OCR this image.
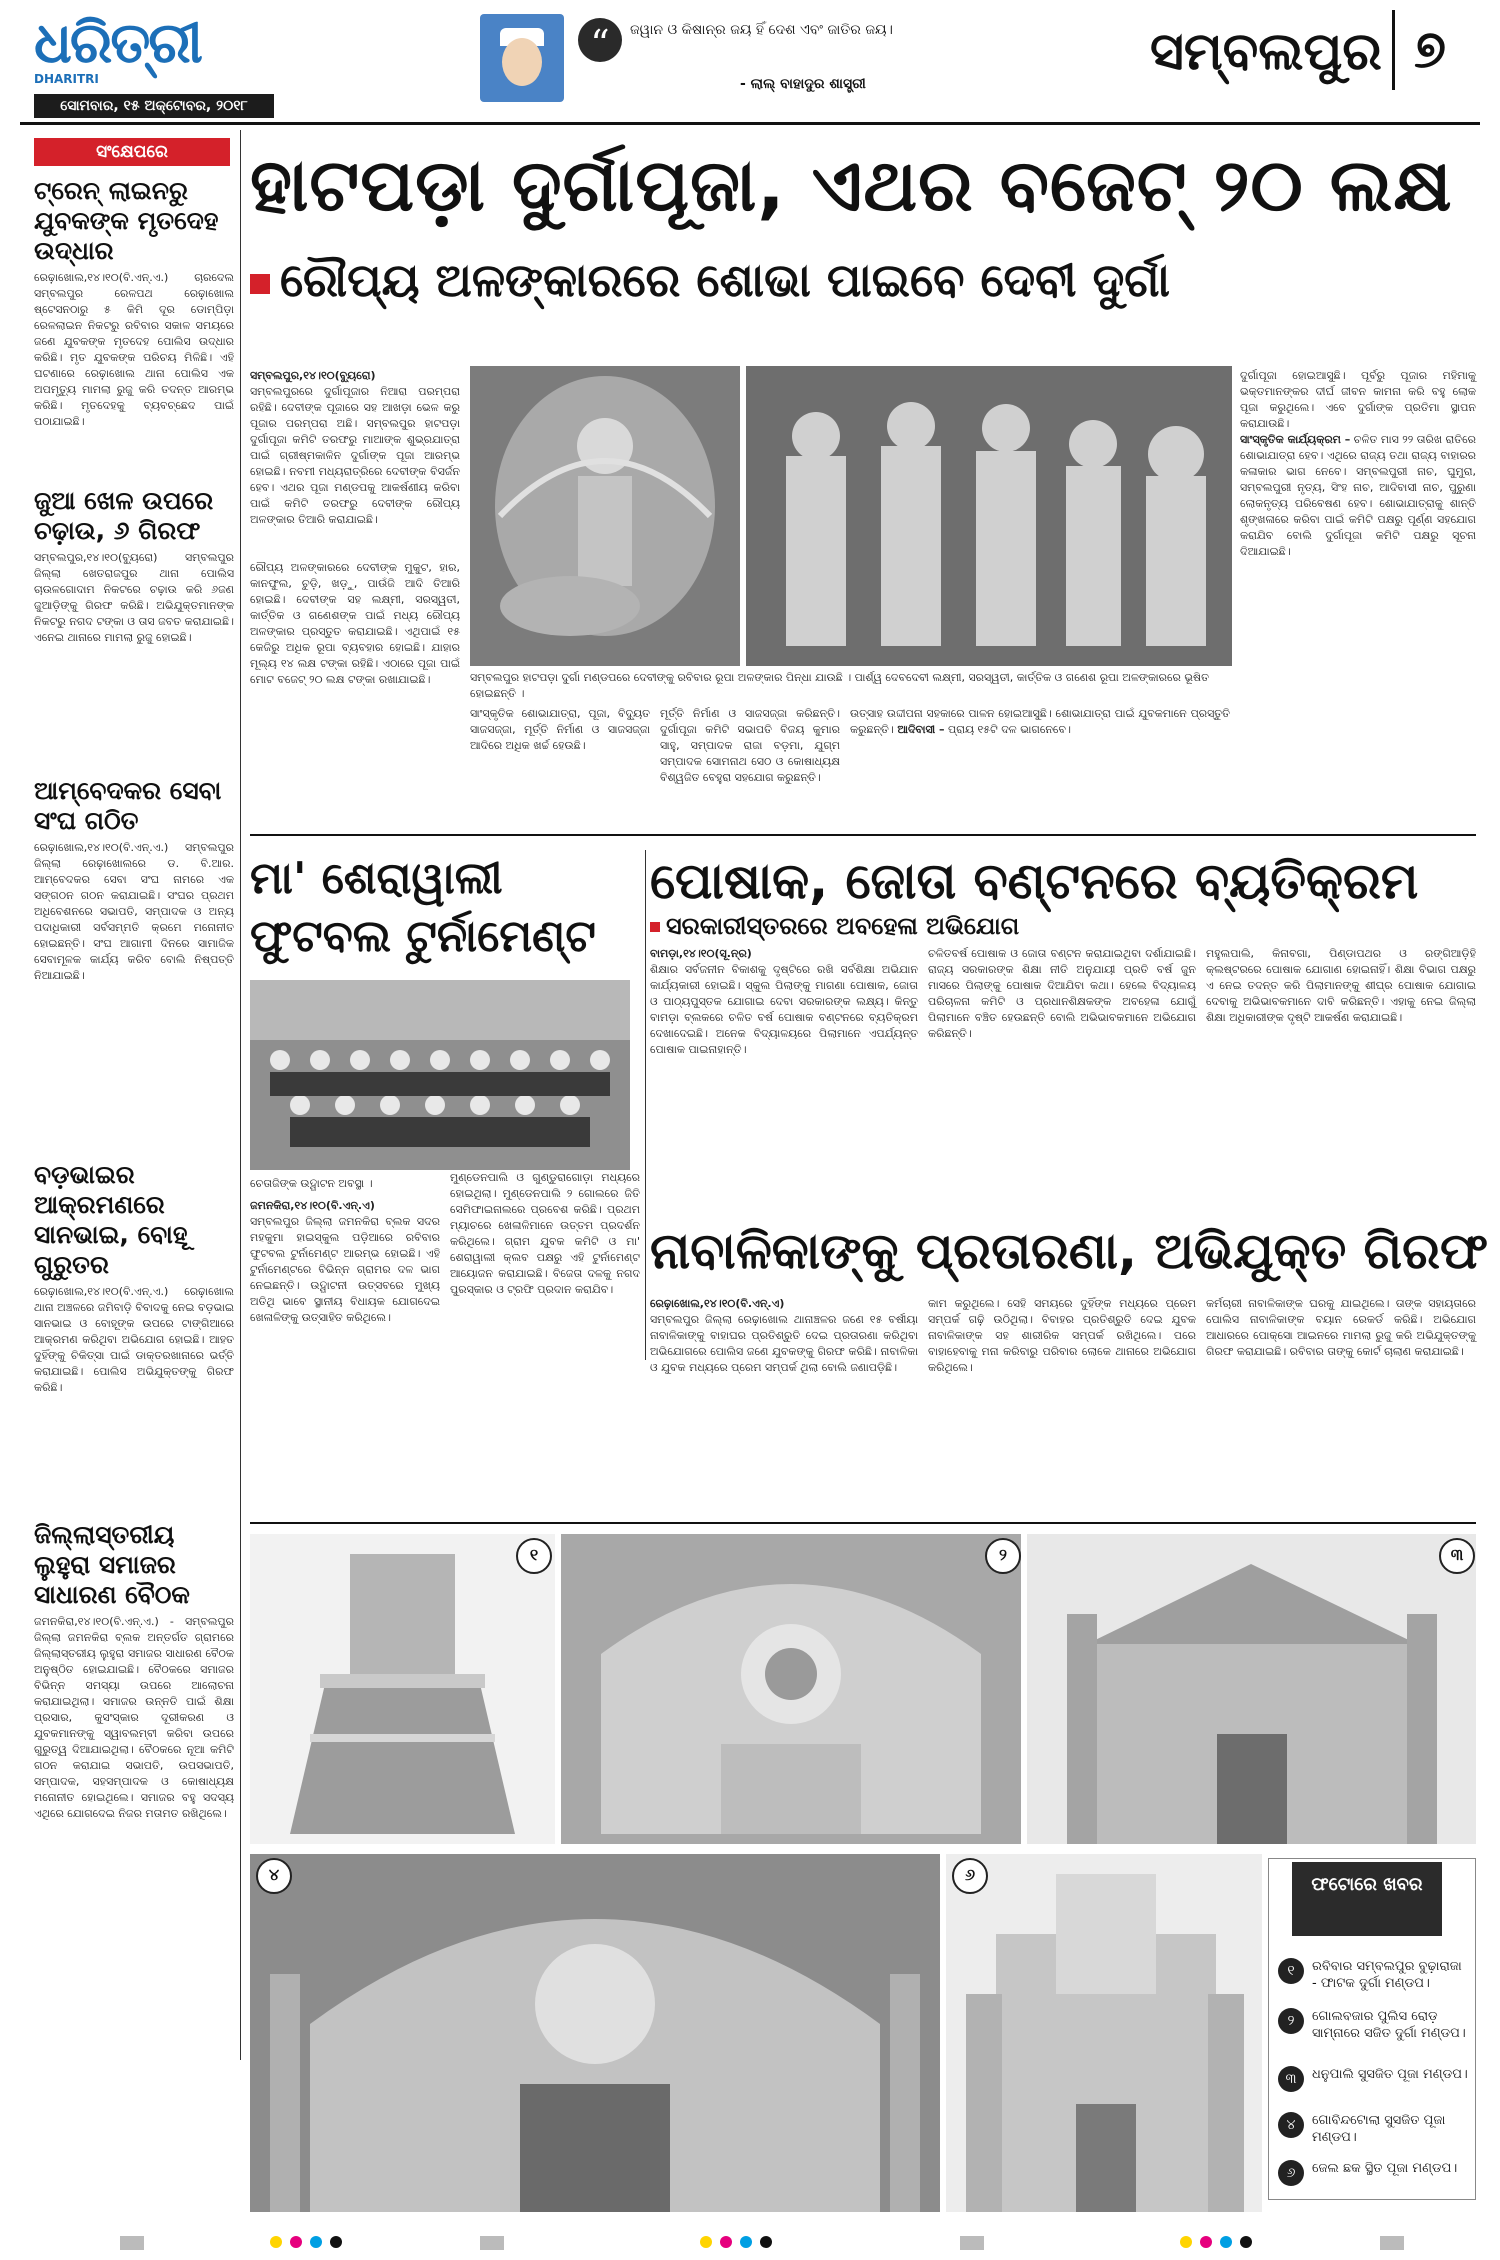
ଧରିତ୍ରୀ
DHARITRI
ସୋମବାର, ୧୫ ଅକ୍ଟୋବର, ୨୦୧୮
“	ଜୱାନ ଓ କିଷାନ୍‌ର ଜୟ ହିଁ ଦେଶ ଏବଂ ଜାତିର ଜୟ।
- ଲାଲ୍ ବାହାଦୁର ଶାସ୍ତ୍ରୀ
ସମ୍ବଲପୁର ୭
ସଂକ୍ଷେପରେ
ଟ୍ରେନ୍ ଲାଇନରୁ ଯୁବକଙ୍କ ମୃତଦେହ ଉଦ୍ଧାର
ରେଢ଼ାଖୋଲ,୧୪।୧୦(ବି.ଏନ୍.ଏ.) ଚାରଦେଲ ସମ୍ବଲପୁର ରେଳପଥ ରେଢ଼ାଖୋଲ ଷ୍ଟେସନଠାରୁ ୫ କିମି ଦୂର ଡୋମ୍ପିଡ଼ା ରେଳଲାଇନ ନିକଟରୁ ରବିବାର ସକାଳ ସମୟରେ ଜଣେ ଯୁବକଙ୍କ ମୃତଦେହ ପୋଲିସ ଉଦ୍ଧାର କରିଛି। ମୃତ ଯୁବକଙ୍କ ପରିଚୟ ମିଳିଛି। ଏହି ଘଟଣାରେ ରେଢ଼ାଖୋଲ ଥାନା ପୋଲିସ ଏକ ଅପମୃତ୍ୟୁ ମାମଲା ରୁଜୁ କରି ତଦନ୍ତ ଆରମ୍ଭ କରିଛି। ମୃତଦେହକୁ ବ୍ୟବଚ୍ଛେଦ ପାଇଁ ପଠାଯାଇଛି।
ଜୁଆ ଖେଳ ଉପରେ ଚଢ଼ାଉ, ୬ ଗିରଫ
ସମ୍ବଲପୁର,୧୪।୧୦(ବ୍ୟୁରୋ) ସମ୍ବଲପୁର ଜିଲ୍ଲା ଖେତରାଜପୁର ଥାନା ପୋଲିସ ଚାଉଳଗୋଦାମ ନିକଟରେ ଚଢ଼ାଉ କରି ୬ଜଣ ଜୁଆଡ଼ିଙ୍କୁ ଗିରଫ କରିଛି। ଅଭିଯୁକ୍ତମାନଙ୍କ ନିକଟରୁ ନଗଦ ଟଙ୍କା ଓ ତାସ ଜବତ କରାଯାଇଛି। ଏନେଇ ଥାନାରେ ମାମଲା ରୁଜୁ ହୋଇଛି।
ଆମ୍ବେଦକର ସେବା ସଂଘ ଗଠିତ
ରେଢ଼ାଖୋଲ,୧୪।୧୦(ବି.ଏନ୍.ଏ.) ସମ୍ବଲପୁର ଜିଲ୍ଲା ରେଢ଼ାଖୋଲରେ ଡ. ବି.ଆର. ଆମ୍ବେଦକର ସେବା ସଂଘ ନାମରେ ଏକ ସଙ୍ଗଠନ ଗଠନ କରାଯାଇଛି। ସଂଘର ପ୍ରଥମ ଅଧିବେଶନରେ ସଭାପତି, ସମ୍ପାଦକ ଓ ଅନ୍ୟ ପଦାଧିକାରୀ ସର୍ବସମ୍ମତି କ୍ରମେ ମନୋନୀତ ହୋଇଛନ୍ତି। ସଂଘ ଆଗାମୀ ଦିନରେ ସାମାଜିକ ସେବାମୂଳକ କାର୍ଯ୍ୟ କରିବ ବୋଲି ନିଷ୍ପତ୍ତି ନିଆଯାଇଛି।
ବଡ଼ଭାଇର ଆକ୍ରମଣରେ ସାନଭାଇ, ବୋହୂ ଗୁରୁତର
ରେଢ଼ାଖୋଲ,୧୪।୧୦(ବି.ଏନ୍.ଏ.) ରେଢ଼ାଖୋଲ ଥାନା ଅଞ୍ଚଳରେ ଜମିବାଡ଼ି ବିବାଦକୁ ନେଇ ବଡ଼ଭାଇ ସାନଭାଇ ଓ ବୋହୂଙ୍କ ଉପରେ ଟାଙ୍ଗିଆରେ ଆକ୍ରମଣ କରିଥିବା ଅଭିଯୋଗ ହୋଇଛି। ଆହତ ଦୁହିଁଙ୍କୁ ଚିକିତ୍ସା ପାଇଁ ଡାକ୍ତରଖାନାରେ ଭର୍ତ୍ତି କରାଯାଇଛି। ପୋଲିସ ଅଭିଯୁକ୍ତଙ୍କୁ ଗିରଫ କରିଛି।
ଜିଲ୍ଲାସ୍ତରୀୟ ଲୁହୁରା ସମାଜର ସାଧାରଣ ବୈଠକ
ଜମନକିରା,୧୪।୧୦(ବି.ଏନ୍.ଏ.) - ସମ୍ବଲପୁର ଜିଲ୍ଲା ଜମନକିରା ବ୍ଲକ ଅନ୍ତର୍ଗତ ଗ୍ରାମରେ ଜିଲ୍ଲାସ୍ତରୀୟ ଲୁହୁରା ସମାଜର ସାଧାରଣ ବୈଠକ ଅନୁଷ୍ଠିତ ହୋଇଯାଇଛି। ବୈଠକରେ ସମାଜର ବିଭିନ୍ନ ସମସ୍ୟା ଉପରେ ଆଲୋଚନା କରାଯାଇଥିଲା। ସମାଜର ଉନ୍ନତି ପାଇଁ ଶିକ୍ଷା ପ୍ରସାର, କୁସଂସ୍କାର ଦୂରୀକରଣ ଓ ଯୁବକମାନଙ୍କୁ ସ୍ୱାବଲମ୍ବୀ କରିବା ଉପରେ ଗୁରୁତ୍ୱ ଦିଆଯାଇଥିଲା। ବୈଠକରେ ନୂଆ କମିଟି ଗଠନ କରାଯାଇ ସଭାପତି, ଉପସଭାପତି, ସମ୍ପାଦକ, ସହସମ୍ପାଦକ ଓ କୋଷାଧ୍ୟକ୍ଷ ମନୋନୀତ ହୋଇଥିଲେ। ସମାଜର ବହୁ ସଦସ୍ୟ ଏଥିରେ ଯୋଗଦେଇ ନିଜର ମତାମତ ରଖିଥିଲେ।
ହାଟପଡ଼ା ଦୁର୍ଗାପୂଜା, ଏଥର ବଜେଟ୍ ୨୦ ଲକ୍ଷ
ରୌପ୍ୟ ଅଳଙ୍କାରରେ ଶୋଭା ପାଇବେ ଦେବୀ ଦୁର୍ଗା
ସମ୍ବଲପୁର ହାଟପଡ଼ା ଦୁର୍ଗା ମଣ୍ଡପରେ ଦେବୀଙ୍କୁ ରବିବାର ରୂପା ଅଳଙ୍କାର ପିନ୍ଧା ଯାଉଛି । ପାର୍ଶ୍ୱ ଦେବଦେବୀ ଲକ୍ଷ୍ମୀ, ସରସ୍ୱତୀ, କାର୍ତ୍ତିକ ଓ ଗଣେଶ ରୂପା ଅଳଙ୍କାରରେ ଭୂଷିତ ହୋଇଛନ୍ତି ।
ସମ୍ବଲପୁର,୧୪।୧୦(ବ୍ୟୁରୋ)
ସମ୍ବଲପୁରରେ ଦୁର୍ଗାପୂଜାର ନିଆରା ପରମ୍ପରା ରହିଛି। ଦେବୀଙ୍କ ପୂଜାରେ ସହ ଆଖଡ଼ା ଭେଳ କରୁ ପୂଜାର ପରମ୍ପରା ଅଛି। ସମ୍ବଲପୁର ହାଟପଡ଼ା ଦୁର୍ଗାପୂଜା କମିଟି ତରଫରୁ ମାଆଙ୍କ ଶୁଭ୍ରଯାତ୍ରା ପାଇଁ ଗ୍ରୀଷ୍ମକାଳିନ ଦୁର୍ଗାଙ୍କ ପୂଜା ଆରମ୍ଭ ହୋଇଛି। ନବମୀ ମଧ୍ୟରାତ୍ରିରେ ଦେବୀଙ୍କ ବିସର୍ଜନ ହେବ। ଏଥର ପୂଜା ମଣ୍ଡପକୁ ଆକର୍ଷଣୀୟ କରିବା ପାଇଁ କମିଟି ତରଫରୁ ଦେବୀଙ୍କ ରୌପ୍ୟ ଅଳଙ୍କାର ତିଆରି କରାଯାଇଛି।
ରୌପ୍ୟ ଅଳଙ୍କାରରେ ଦେବୀଙ୍କ ମୁକୁଟ, ହାର, କାନଫୁଲ, ଚୁଡ଼ି, ଖଡ଼ୁ, ପାଉଁଜି ଆଦି ତିଆରି ହୋଇଛି। ଦେବୀଙ୍କ ସହ ଲକ୍ଷ୍ମୀ, ସରସ୍ୱତୀ, କାର୍ତ୍ତିକ ଓ ଗଣେଶଙ୍କ ପାଇଁ ମଧ୍ୟ ରୌପ୍ୟ ଅଳଙ୍କାର ପ୍ରସ୍ତୁତ କରାଯାଇଛି। ଏଥିପାଇଁ ୧୫ କେଜିରୁ ଅଧିକ ରୂପା ବ୍ୟବହାର ହୋଇଛି। ଯାହାର ମୂଲ୍ୟ ୧୪ ଲକ୍ଷ ଟଙ୍କା ରହିଛି। ଏଠାରେ ପୂଜା ପାଇଁ ମୋଟ ବଜେଟ୍ ୨୦ ଲକ୍ଷ ଟଙ୍କା ରଖାଯାଇଛି।
ସାଂସ୍କୃତିକ ଶୋଭାଯାତ୍ରା, ପୂଜା, ବିଦ୍ୟୁତ ସାଜସଜ୍ଜା, ମୂର୍ତ୍ତି ନିର୍ମାଣ ଓ ସାଜସଜ୍ଜା ଆଦିରେ ଅଧିକ ଖର୍ଚ୍ଚ ହେଉଛି।
ମୂର୍ତ୍ତି ନିର୍ମାଣ ଓ ସାଜସଜ୍ଜା କରିଛନ୍ତି। ଦୁର୍ଗାପୂଜା କମିଟି ସଭାପତି ବିଜୟ କୁମାର ସାହୁ, ସମ୍ପାଦକ ରାଜା ବଡ଼ମା, ଯୁଗ୍ମ ସମ୍ପାଦକ ସୋମନାଥ ସେଠ ଓ କୋଷାଧ୍ୟକ୍ଷ ବିଶ୍ୱଜିତ ବେହୁରା ସହଯୋଗ କରୁଛନ୍ତି।
ଉତ୍ସାହ ଉଦ୍ଦୀପନା ସହକାରେ ପାଳନ ହୋଇଆସୁଛି। ଶୋଭାଯାତ୍ରା ପାଇଁ ଯୁବକମାନେ ପ୍ରସ୍ତୁତି କରୁଛନ୍ତି। ଆଦିବାସୀ – ପ୍ରାୟ ୧୫ଟି ଦଳ ଭାଗନେବେ।
ଦୁର୍ଗାପୂଜା ହୋଇଆସୁଛି। ପୂର୍ବରୁ ପୂଜାର ମହିମାକୁ ଭକ୍ତମାନଙ୍କର ଦୀର୍ଘ ଜୀବନ କାମନା କରି ବହୁ ଲୋକ ପୂଜା କରୁଥିଲେ। ଏବେ ଦୁର୍ଗାଙ୍କ ପ୍ରତିମା ସ୍ଥାପନ କରାଯାଉଛି।
ସାଂସ୍କୃତିକ କାର୍ଯ୍ୟକ୍ରମ – ଚଳିତ ମାସ ୨୨ ତାରିଖ ରାତିରେ ଶୋଭାଯାତ୍ରା ହେବ। ଏଥିରେ ରାଜ୍ୟ ତଥା ରାଜ୍ୟ ବାହାରର କଳାକାର ଭାଗ ନେବେ। ସମ୍ବଲପୁରୀ ନାଚ, ଘୁମୁରା, ସମ୍ବଲପୁରୀ ନୃତ୍ୟ, ସିଂହ ନାଚ, ଆଦିବାସୀ ନାଚ, ପୁରୁଣା ଲୋକନୃତ୍ୟ ପରିବେଷଣ ହେବ। ଶୋଭାଯାତ୍ରାକୁ ଶାନ୍ତି ଶୃଙ୍ଖଳାରେ କରିବା ପାଇଁ କମିଟି ପକ୍ଷରୁ ପୂର୍ଣ୍ଣ ସହଯୋଗ କରାଯିବ ବୋଲି ଦୁର୍ଗାପୂଜା କମିଟି ପକ୍ଷରୁ ସୂଚନା ଦିଆଯାଇଛି।
ମା' ଶେରାୱାଲୀ ଫୁଟବଲ ଟୁର୍ନାମେଣ୍ଟ
ଚେତାଜିଙ୍କ ଉଦ୍ଘାଟନ ଅବସ୍ଥା ।
ଜମନକିରା,୧୪।୧୦(ବି.ଏନ୍.ଏ)
ସମ୍ବଲପୁର ଜିଲ୍ଲା ଜମନକିରା ବ୍ଲକ ସଦର ମହକୁମା ହାଇସ୍କୁଲ ପଡ଼ିଆରେ ରବିବାର ଫୁଟବଲ ଟୁର୍ନାମେଣ୍ଟ ଆରମ୍ଭ ହୋଇଛି। ଏହି ଟୁର୍ନାମେଣ୍ଟରେ ବିଭିନ୍ନ ଗ୍ରାମର ଦଳ ଭାଗ ନେଇଛନ୍ତି। ଉଦ୍ଘାଟନୀ ଉତ୍ସବରେ ମୁଖ୍ୟ ଅତିଥି ଭାବେ ସ୍ଥାନୀୟ ବିଧାୟକ ଯୋଗଦେଇ ଖେଳାଳିଙ୍କୁ ଉତ୍ସାହିତ କରିଥିଲେ।
ମୁଣ୍ଡେନପାଲି ଓ ଗୁଣ୍ଡୁରାଗୋଡ଼ା ମଧ୍ୟରେ ହୋଇଥିଲା। ମୁଣ୍ଡେନପାଲି ୨ ଗୋଲରେ ଜିତି ସେମିଫାଇନାଲରେ ପ୍ରବେଶ କରିଛି। ପ୍ରଥମ ମ୍ୟାଚରେ ଖେଳାଳିମାନେ ଉତ୍ତମ ପ୍ରଦର୍ଶନ କରିଥିଲେ। ଗ୍ରାମ ଯୁବକ କମିଟି ଓ ମା' ଶେରାୱାଲୀ କ୍ଲବ ପକ୍ଷରୁ ଏହି ଟୁର୍ନାମେଣ୍ଟ ଆୟୋଜନ କରାଯାଇଛି। ବିଜେତା ଦଳକୁ ନଗଦ ପୁରସ୍କାର ଓ ଟ୍ରଫି ପ୍ରଦାନ କରାଯିବ।
ପୋଷାକ, ଜୋତା ବଣ୍ଟନରେ ବ୍ୟତିକ୍ରମ
ସରକାରୀସ୍ତରରେ ଅବହେଳା ଅଭିଯୋଗ
ବାମଡ଼ା,୧୪।୧୦(ସୂ.ନ୍ର)
ଶିକ୍ଷାର ସର୍ବଜନୀନ ବିକାଶକୁ ଦୃଷ୍ଟିରେ ରଖି ସର୍ବଶିକ୍ଷା ଅଭିଯାନ କାର୍ଯ୍ୟକାରୀ ହୋଇଛି। ସ୍କୁଲ ପିଲାଙ୍କୁ ମାଗଣା ପୋଷାକ, ଜୋତା ଓ ପାଠ୍ୟପୁସ୍ତକ ଯୋଗାଇ ଦେବା ସରକାରଙ୍କ ଲକ୍ଷ୍ୟ। କିନ୍ତୁ ବାମଡ଼ା ବ୍ଲକରେ ଚଳିତ ବର୍ଷ ପୋଷାକ ବଣ୍ଟନରେ ବ୍ୟତିକ୍ରମ ଦେଖାଦେଇଛି। ଅନେକ ବିଦ୍ୟାଳୟରେ ପିଲାମାନେ ଏପର୍ଯ୍ୟନ୍ତ ପୋଷାକ ପାଇନାହାନ୍ତି।
ଚଳିତବର୍ଷ ପୋଷାକ ଓ ଜୋତା ବଣ୍ଟନ କରାଯାଇଥିବା ଦର୍ଶାଯାଇଛି। ରାଜ୍ୟ ସରକାରଙ୍କ ଶିକ୍ଷା ନୀତି ଅନୁଯାୟୀ ପ୍ରତି ବର୍ଷ ଜୁନ ମାସରେ ପିଲାଙ୍କୁ ପୋଷାକ ଦିଆଯିବା କଥା। ହେଲେ ବିଦ୍ୟାଳୟ ପରିଚାଳନା କମିଟି ଓ ପ୍ରଧାନଶିକ୍ଷକଙ୍କ ଅବହେଳା ଯୋଗୁଁ ପିଲାମାନେ ବଞ୍ଚିତ ହେଉଛନ୍ତି ବୋଲି ଅଭିଭାବକମାନେ ଅଭିଯୋଗ କରିଛନ୍ତି।
ମହୁଲପାଲି, କିନାବଗା, ପିଣ୍ଡାପଥର ଓ ରଙ୍ଗିଆଡ଼ିହି କ୍ଲଷ୍ଟରରେ ପୋଷାକ ଯୋଗାଣ ହୋଇନାହିଁ। ଶିକ୍ଷା ବିଭାଗ ପକ୍ଷରୁ ଏ ନେଇ ତଦନ୍ତ କରି ପିଲାମାନଙ୍କୁ ଶୀଘ୍ର ପୋଷାକ ଯୋଗାଇ ଦେବାକୁ ଅଭିଭାବକମାନେ ଦାବି କରିଛନ୍ତି। ଏହାକୁ ନେଇ ଜିଲ୍ଲା ଶିକ୍ଷା ଅଧିକାରୀଙ୍କ ଦୃଷ୍ଟି ଆକର୍ଷଣ କରାଯାଇଛି।
ନାବାଳିକାଙ୍କୁ ପ୍ରତାରଣା, ଅଭିଯୁକ୍ତ ଗିରଫ
ରେଢ଼ାଖୋଲ,୧୪।୧୦(ବି.ଏନ୍.ଏ)
ସମ୍ବଲପୁର ଜିଲ୍ଲା ରେଢ଼ାଖୋଲ ଥାନାଞ୍ଚଳର ଜଣେ ୧୫ ବର୍ଷୀୟା ନାବାଳିକାଙ୍କୁ ବାହାଘର ପ୍ରତିଶ୍ରୁତି ଦେଇ ପ୍ରତାରଣା କରିଥିବା ଅଭିଯୋଗରେ ପୋଲିସ ଜଣେ ଯୁବକଙ୍କୁ ଗିରଫ କରିଛି। ନାବାଳିକା ଓ ଯୁବକ ମଧ୍ୟରେ ପ୍ରେମ ସମ୍ପର୍କ ଥିଲା ବୋଲି ଜଣାପଡ଼ିଛି।
କାମ କରୁଥିଲେ। ସେହି ସମୟରେ ଦୁହିଁଙ୍କ ମଧ୍ୟରେ ପ୍ରେମ ସମ୍ପର୍କ ଗଢ଼ି ଉଠିଥିଲା। ବିବାହର ପ୍ରତିଶ୍ରୁତି ଦେଇ ଯୁବକ ନାବାଳିକାଙ୍କ ସହ ଶାରୀରିକ ସମ୍ପର୍କ ରଖିଥିଲେ। ପରେ ବାହାହେବାକୁ ମନା କରିବାରୁ ପରିବାର ଲୋକେ ଥାନାରେ ଅଭିଯୋଗ କରିଥିଲେ।
କର୍ମଚାରୀ ନାବାଳିକାଙ୍କ ଘରକୁ ଯାଇଥିଲେ। ତାଙ୍କ ସହାୟତାରେ ପୋଲିସ ନାବାଳିକାଙ୍କ ବୟାନ ରେକର୍ଡ କରିଛି। ଅଭିଯୋଗ ଆଧାରରେ ପୋକ୍ସୋ ଆଇନରେ ମାମଲା ରୁଜୁ କରି ଅଭିଯୁକ୍ତଙ୍କୁ ଗିରଫ କରାଯାଇଛି। ରବିବାର ତାଙ୍କୁ କୋର୍ଟ ଚାଲାଣ କରାଯାଇଛି।
୧	୨	୩
୪	୬	ଫଟୋରେ ଖବର
୧	ରବିବାର ସମ୍ବଲପୁର ବୁଢ଼ାରାଜା - ଫାଟକ ଦୁର୍ଗା ମଣ୍ଡପ।
୨	ଗୋଲବଜାର ପୁଲିସ ରୋଡ଼ ସାମ୍ନାରେ ସଜିତ ଦୁର୍ଗା ମଣ୍ଡପ।
୩	ଧନୁପାଲି ସୁସଜିତ ପୂଜା ମଣ୍ଡପ।
୪	ଗୋବିନ୍ଦଟୋଲା ସୁସଜିତ ପୂଜା ମଣ୍ଡପ।
୬	ଜେଲ ଛକ ସ୍ଥିତ ପୂଜା ମଣ୍ଡପ।
